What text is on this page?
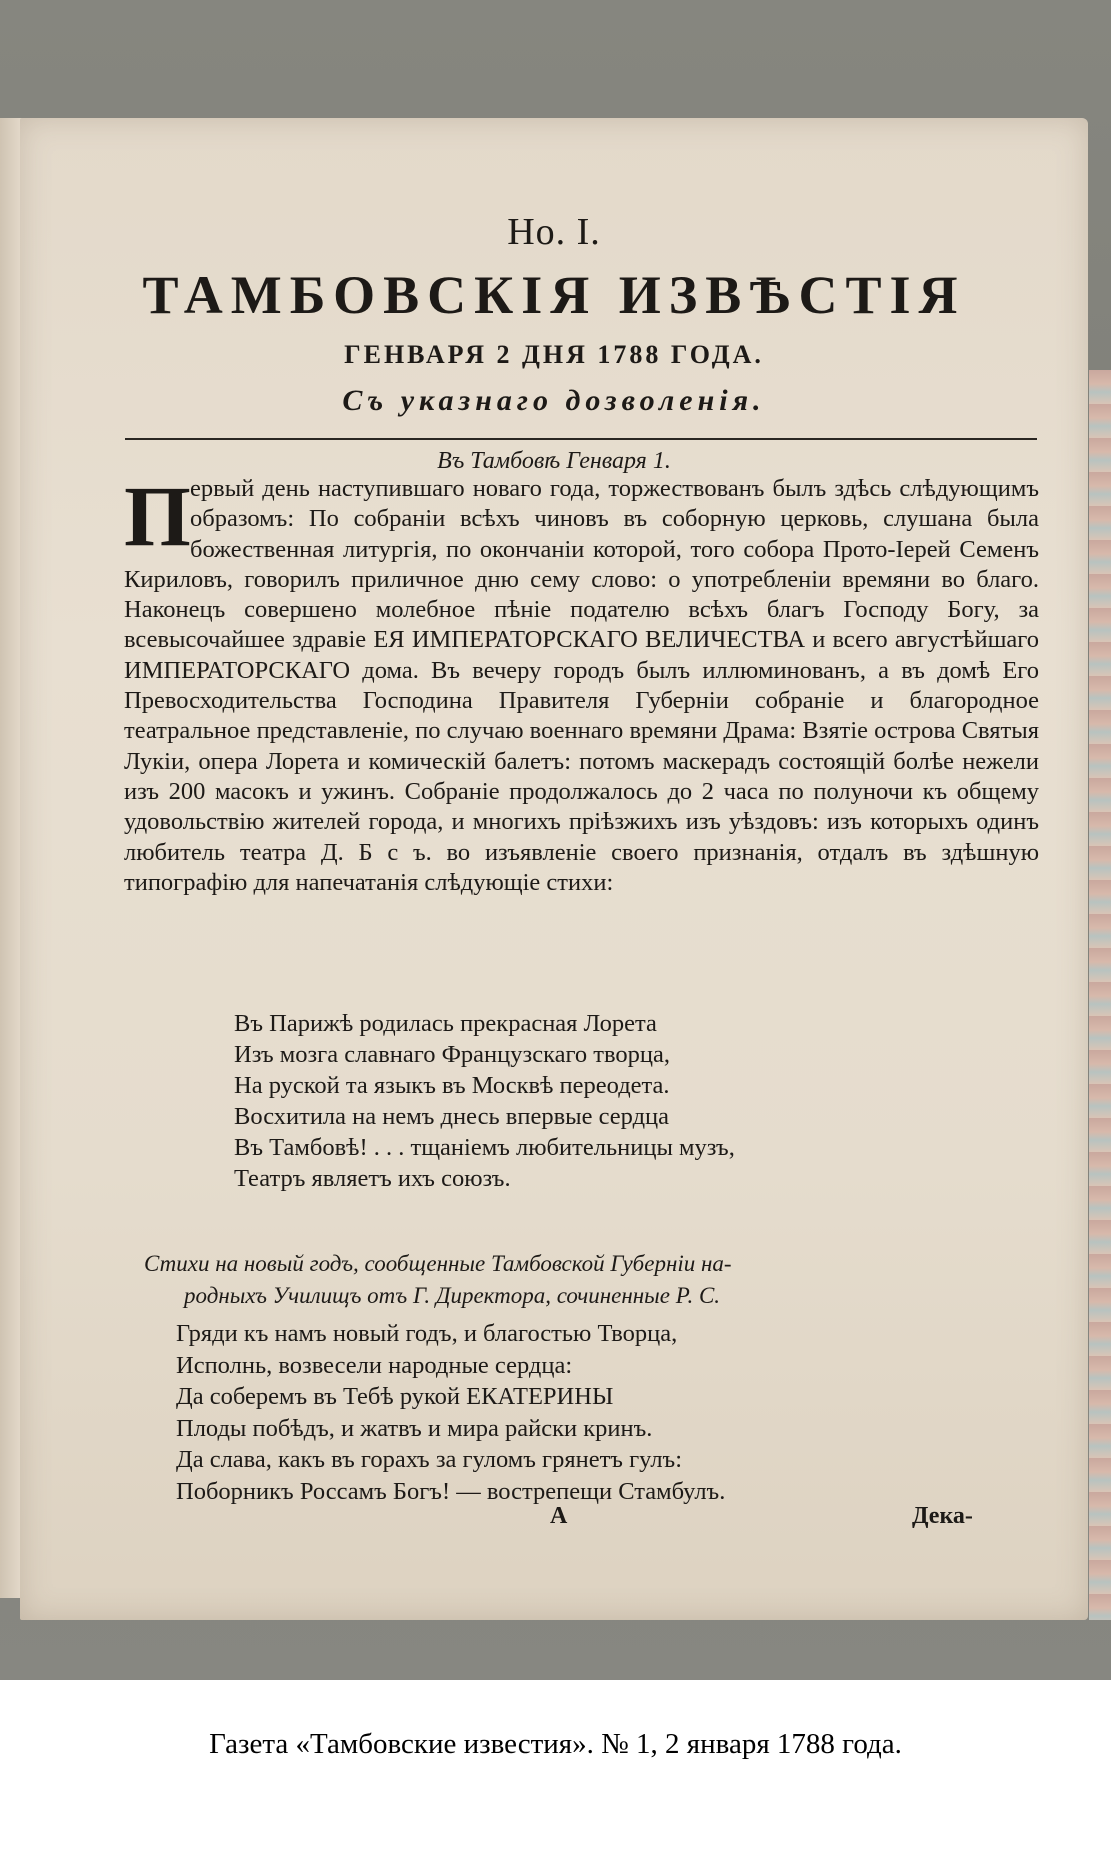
Но. I.
ТАМБОВСКIЯ ИЗВѢСТIЯ
ГЕНВАРЯ 2 ДНЯ 1788 ГОДА.
Съ указнаго дозволенiя.
Въ Тамбовѣ Генваря 1.
П ервый день наступившаго новаго года, торжествованъ былъ здѣсь слѣдующимъ образомъ: По собранiи всѣхъ чиновъ въ соборную церковь, слушана была божественная литургiя, по окончанiи которой, того собора Прото-Iерей Семенъ Кириловъ, говорилъ приличное дню сему слово: о употребленiи времяни во благо. Наконецъ совершено молебное пѣнiе подателю всѣхъ благъ Господу Богу, за всевысочайшее здравiе ЕЯ ИМПЕРАТОРСКАГО ВЕЛИЧЕСТВА и всего августѣйшаго ИМПЕРАТОРСКАГО дома. Въ вечеру городъ былъ иллюминованъ, а въ домѣ Его Превосходительства Господина Правителя Губернiи собранiе и благородное театральное представленiе, по случаю военнаго времяни Драма: Взятiе острова Святыя Лукiи, опера Лорета и комическiй балетъ: потомъ маскерадъ состоящiй болѣе нежели изъ 200 масокъ и ужинъ. Собранiе продолжалось до 2 часа по полуночи къ общему удовольствiю жителей города, и многихъ прiѣзжихъ изъ уѣздовъ: изъ которыхъ одинъ любитель театра Д. Б с ъ. во изъявленiе своего признанiя, отдалъ въ здѣшную типографiю для напечатанiя слѣдующiе стихи:
Въ Парижѣ родилась прекрасная Лорета
Изъ мозга славнаго Французскаго творца,
На руской та языкъ въ Москвѣ переодета.
Восхитила на немъ днесь впервые сердца
Въ Тамбовѣ! . . . тщанiемъ любительницы музъ,
Театръ являетъ ихъ союзъ.
Стихи на новый годъ, сообщенные Тамбовской Губернiи на-
родныхъ Училищъ отъ Г. Директора, сочиненные Р. С.
Гряди къ намъ новый годъ, и благостью Творца,
Исполнь, возвесели народные сердца:
Да соберемъ въ Тебѣ рукой ЕКАТЕРИНЫ
Плоды побѣдъ, и жатвъ и мира райски кринъ.
Да слава, какъ въ горахъ за гуломъ грянетъ гулъ:
Поборникъ Россамъ Богъ! — вострепещи Стамбулъ.
А	Дека-
Газета «Тамбовские известия». № 1, 2 января 1788 года.
